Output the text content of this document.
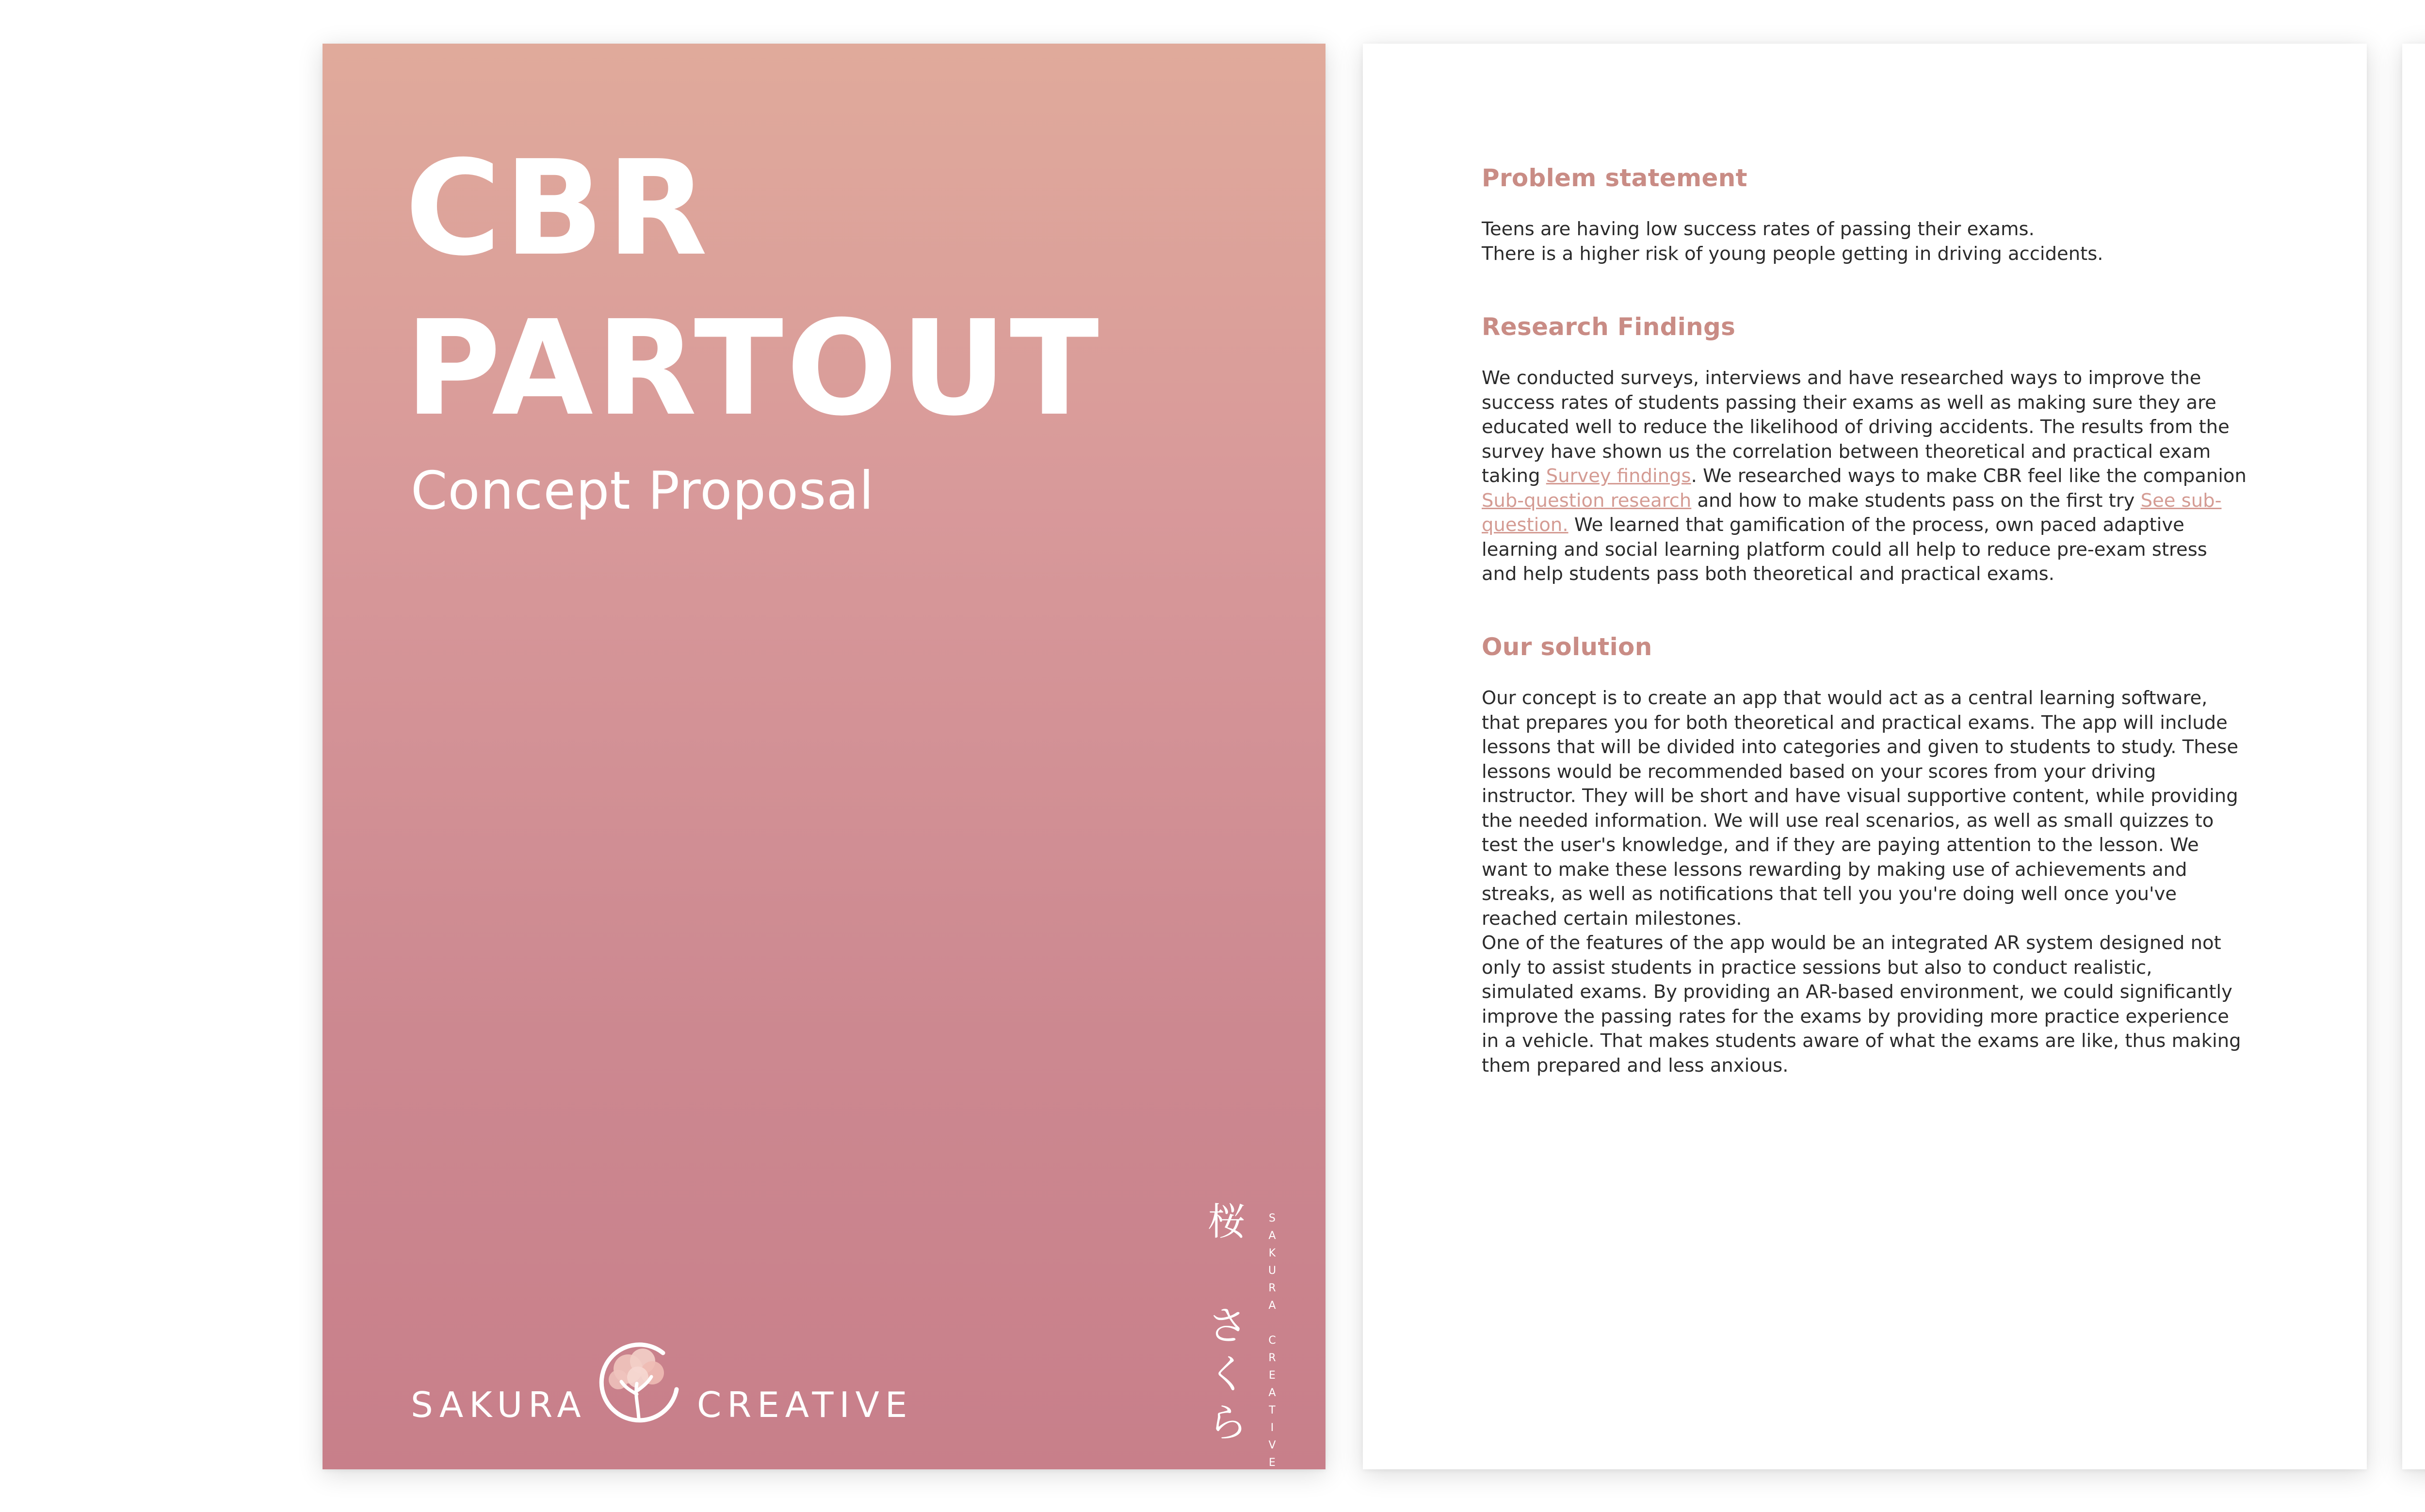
CBR
PARTOUT
Concept Proposal
SAKURA	CREATIVE
桜
さ
く
ら
S
A
K
U
R
A
C
R
E
A
T
I
V
E
Problem statement

Teens are having low success rates of passing their exams.
There is a higher risk of young people getting in driving accidents.

Research Findings

We conducted surveys, interviews and have researched ways to improve the success rates of students passing their exams as well as making sure they are educated well to reduce the likelihood of driving accidents. The results from the survey have shown us the correlation between theoretical and practical exam taking Survey findings. We researched ways to make CBR feel like the companion Sub-question research and how to make students pass on the first try See sub-question. We learned that gamification of the process, own paced adaptive learning and social learning platform could all help to reduce pre-exam stress and help students pass both theoretical and practical exams.

Our solution

Our concept is to create an app that would act as a central learning software, that prepares you for both theoretical and practical exams. The app will include lessons that will be divided into categories and given to students to study. These lessons would be recommended based on your scores from your driving instructor. They will be short and have visual supportive content, while providing the needed information. We will use real scenarios, as well as small quizzes to test the user's knowledge, and if they are paying attention to the lesson. We want to make these lessons rewarding by making use of achievements and streaks, as well as notifications that tell you you're doing well once you've reached certain milestones.

One of the features of the app would be an integrated AR system designed not only to assist students in practice sessions but also to conduct realistic, simulated exams. By providing an AR-based environment, we could significantly improve the passing rates for the exams by providing more practice experience in a vehicle. That makes students aware of what the exams are like, thus making them prepared and less anxious.
